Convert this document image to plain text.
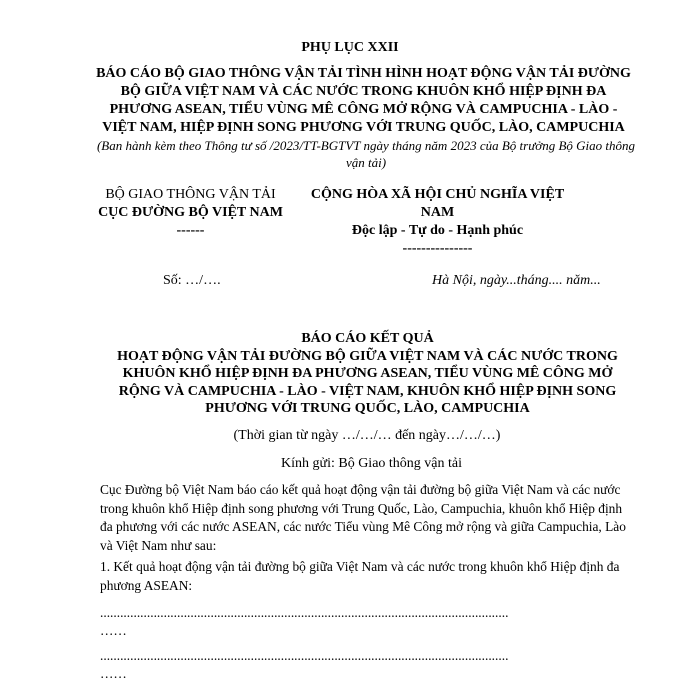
PHỤ LỤC XXII
BÁO CÁO BỘ GIAO THÔNG VẬN TẢI TÌNH HÌNH HOẠT ĐỘNG VẬN TẢI ĐƯỜNG BỘ GIỮA VIỆT NAM VÀ CÁC NƯỚC TRONG KHUÔN KHỔ HIỆP ĐỊNH ĐA PHƯƠNG ASEAN, TIỂU VÙNG MÊ CÔNG MỞ RỘNG VÀ CAMPUCHIA - LÀO - VIỆT NAM, HIỆP ĐỊNH SONG PHƯƠNG VỚI TRUNG QUỐC, LÀO, CAMPUCHIA
(Ban hành kèm theo Thông tư số /2023/TT-BGTVT ngày tháng năm 2023 của Bộ trưởng Bộ Giao thông vận tải)
BỘ GIAO THÔNG VẬN TẢI
CỤC ĐƯỜNG BỘ VIỆT NAM
------
CỘNG HÒA XÃ HỘI CHỦ NGHĨA VIỆT NAM
Độc lập - Tự do - Hạnh phúc
---------------
Số: …/….	Hà Nội, ngày...tháng.... năm...
BÁO CÁO KẾT QUẢ
HOẠT ĐỘNG VẬN TẢI ĐƯỜNG BỘ GIỮA VIỆT NAM VÀ CÁC NƯỚC TRONG KHUÔN KHỔ HIỆP ĐỊNH ĐA PHƯƠNG ASEAN, TIỂU VÙNG MÊ CÔNG MỞ RỘNG VÀ CAMPUCHIA - LÀO - VIỆT NAM, KHUÔN KHỔ HIỆP ĐỊNH SONG PHƯƠNG VỚI TRUNG QUỐC, LÀO, CAMPUCHIA
(Thời gian từ ngày …/…/… đến ngày…/…/…)
Kính gửi: Bộ Giao thông vận tải
Cục Đường bộ Việt Nam báo cáo kết quả hoạt động vận tải đường bộ giữa Việt Nam và các nước trong khuôn khổ Hiệp định song phương với Trung Quốc, Lào, Campuchia, khuôn khổ Hiệp định đa phương với các nước ASEAN, các nước Tiểu vùng Mê Công mở rộng và giữa Campuchia, Lào và Việt Nam như sau:
1. Kết quả hoạt động vận tải đường bộ giữa Việt Nam và các nước trong khuôn khổ Hiệp định đa phương ASEAN:
..........................................................................................................................
……
..........................................................................................................................
……
